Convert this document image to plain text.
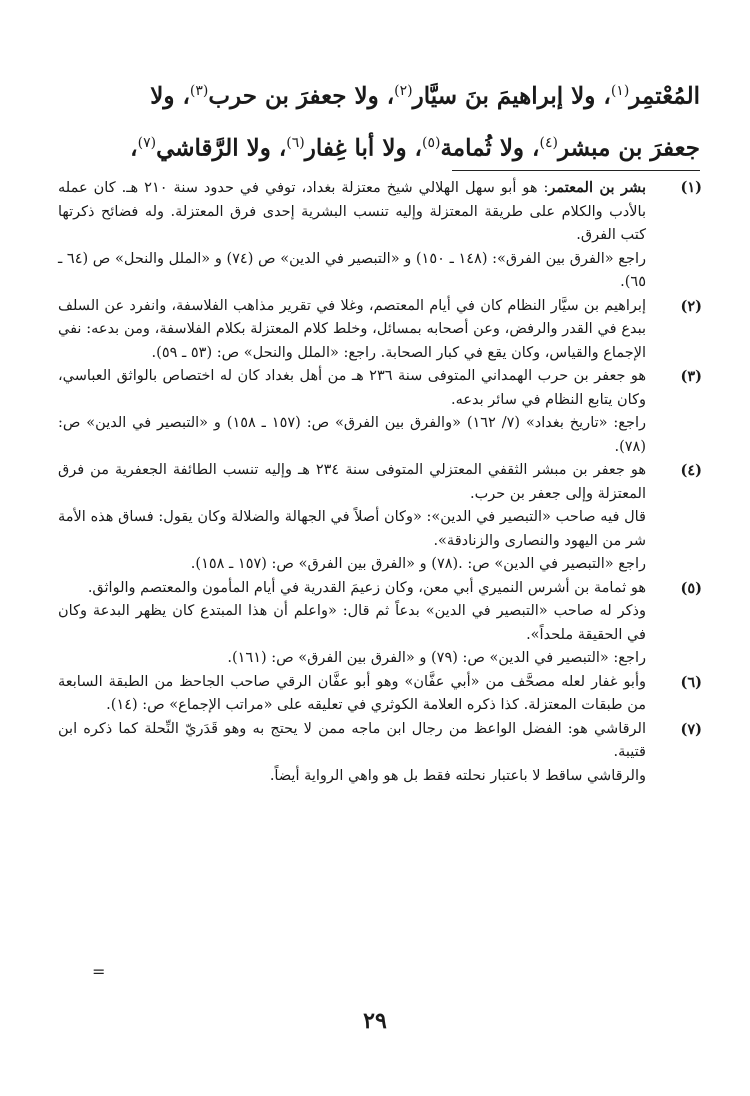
المُعْتمِر$^{(١)}$، ولا إبراهيمَ بنَ سيَّار$^{(٢)}$، ولا جعفرَ بن حرب$^{(٣)}$، ولا

جعفرَ بن مبشر$^{(٤)}$، ولا ثُمامة$^{(٥)}$، ولا أبا غِفار$^{(٦)}$، ولا الرَّقاشي$^{(٧)}$،

(١)

بشر بن المعتمر: هو أبو سهل الهلالي شيخ معتزلة بغداد، توفي في حدود سنة ٢١٠ هـ. كان عمله بالأدب والكلام على طريقة المعتزلة وإليه تنسب البشرية إحدى فرق المعتزلة. وله فضائح ذكرتها كتب الفرق.

راجع «الفرق بين الفرق»: (١٤٨ ـ ١٥٠) و «التبصير في الدين» ص (٧٤) و «الملل والنحل» ص (٦٤ ـ ٦٥).

(٢)

إبراهيم بن سيَّار النظام كان في أيام المعتصم، وغلا في تقرير مذاهب الفلاسفة، وانفرد عن السلف ببدع في القدر والرفض، وعن أصحابه بمسائل، وخلط كلام المعتزلة بكلام الفلاسفة، ومن بدعه: نفي الإجماع والقياس، وكان يقع في كبار الصحابة. راجع: «الملل والنحل» ص: (٥٣ ـ ٥٩).

(٣)

هو جعفر بن حرب الهمداني المتوفى سنة ٢٣٦ هـ من أهل بغداد كان له اختصاص بالواثق العباسي، وكان يتابع النظام في سائر بدعه.

راجع: «تاريخ بغداد» (٧/ ١٦٢) «والفرق بين الفرق» ص: (١٥٧ ـ ١٥٨) و «التبصير في الدين» ص: (٧٨).

(٤)

هو جعفر بن مبشر الثقفي المعتزلي المتوفى سنة ٢٣٤ هـ وإليه تنسب الطائفة الجعفرية من فرق المعتزلة وإلى جعفر بن حرب.

قال فيه صاحب «التبصير في الدين»: «وكان أصلاً في الجهالة والضلالة وكان يقول: فساق هذه الأمة شر من اليهود والنصارى والزنادقة».

راجع «التبصير في الدين» ص: .(٧٨) و «الفرق بين الفرق» ص: (١٥٧ ـ ١٥٨).

(٥)

هو ثمامة بن أشرس النميري أبي معن، وكان زعيمَ القدرية في أيام المأمون والمعتصم والواثق.

وذكر له صاحب «التبصير في الدين» بدعاً ثم قال: «واعلم أن هذا المبتدع كان يظهر البدعة وكان في الحقيقة ملحداً».

راجع: «التبصير في الدين» ص: (٧٩) و «الفرق بين الفرق» ص: (١٦١).

(٦)

وأبو غفار لعله مصحَّف من «أبي عفَّان» وهو أبو عفَّان الرقي صاحب الجاحظ من الطبقة السابعة من طبقات المعتزلة. كذا ذكره العلامة الكوثري في تعليقه على «مراتب الإجماع» ص: (١٤).

(٧)

الرقاشي هو: الفضل الواعظ من رجال ابن ماجه ممن لا يحتج به وهو قَدَريّ النِّحلة كما ذكره ابن قتيبة.

والرقاشي ساقط لا باعتبار نحلته فقط بل هو واهي الرواية أيضاً.

=
٢٩
